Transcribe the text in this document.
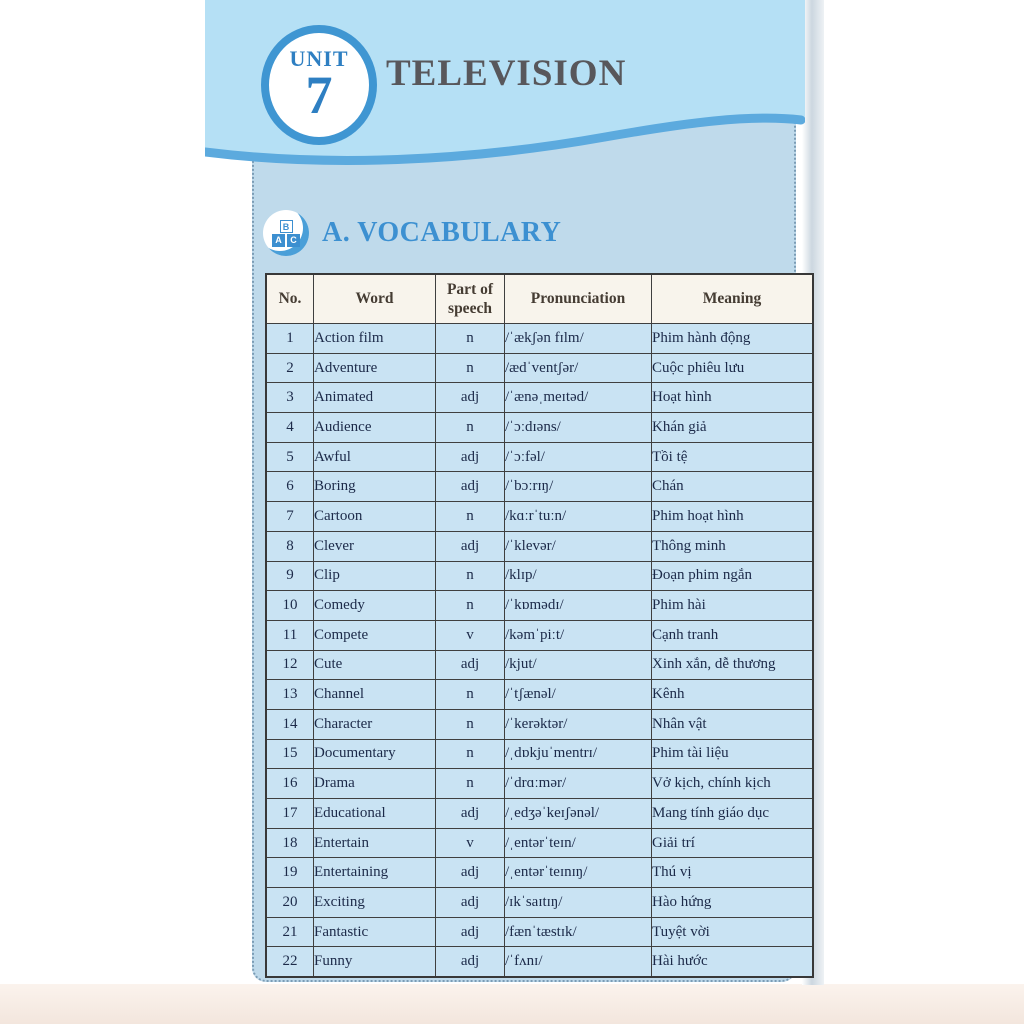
UNIT
7 TELEVISION
B
A C A. VOCABULARY
No.	Word	Part of speech	Pronunciation	Meaning
1	Action film	n	/ˈækʃən fɪlm/	Phim hành động
2	Adventure	n	/ædˈventʃər/	Cuộc phiêu lưu
3	Animated	adj	/ˈænəˌmeɪtəd/	Hoạt hình
4	Audience	n	/ˈɔːdɪəns/	Khán giả
5	Awful	adj	/ˈɔːfəl/	Tồi tệ
6	Boring	adj	/ˈbɔːrɪŋ/	Chán
7	Cartoon	n	/kɑːrˈtuːn/	Phim hoạt hình
8	Clever	adj	/ˈklevər/	Thông minh
9	Clip	n	/klɪp/	Đoạn phim ngắn
10	Comedy	n	/ˈkɒmədɪ/	Phim hài
11	Compete	v	/kəmˈpiːt/	Cạnh tranh
12	Cute	adj	/kjut/	Xinh xắn, dễ thương
13	Channel	n	/ˈtʃænəl/	Kênh
14	Character	n	/ˈkerəktər/	Nhân vật
15	Documentary	n	/ˌdɒkjuˈmentrɪ/	Phim tài liệu
16	Drama	n	/ˈdrɑːmər/	Vở kịch, chính kịch
17	Educational	adj	/ˌedʒəˈkeɪʃənəl/	Mang tính giáo dục
18	Entertain	v	/ˌentərˈteɪn/	Giải trí
19	Entertaining	adj	/ˌentərˈteɪnɪŋ/	Thú vị
20	Exciting	adj	/ɪkˈsaɪtɪŋ/	Hào hứng
21	Fantastic	adj	/fænˈtæstɪk/	Tuyệt vời
22	Funny	adj	/ˈfʌnɪ/	Hài hước
